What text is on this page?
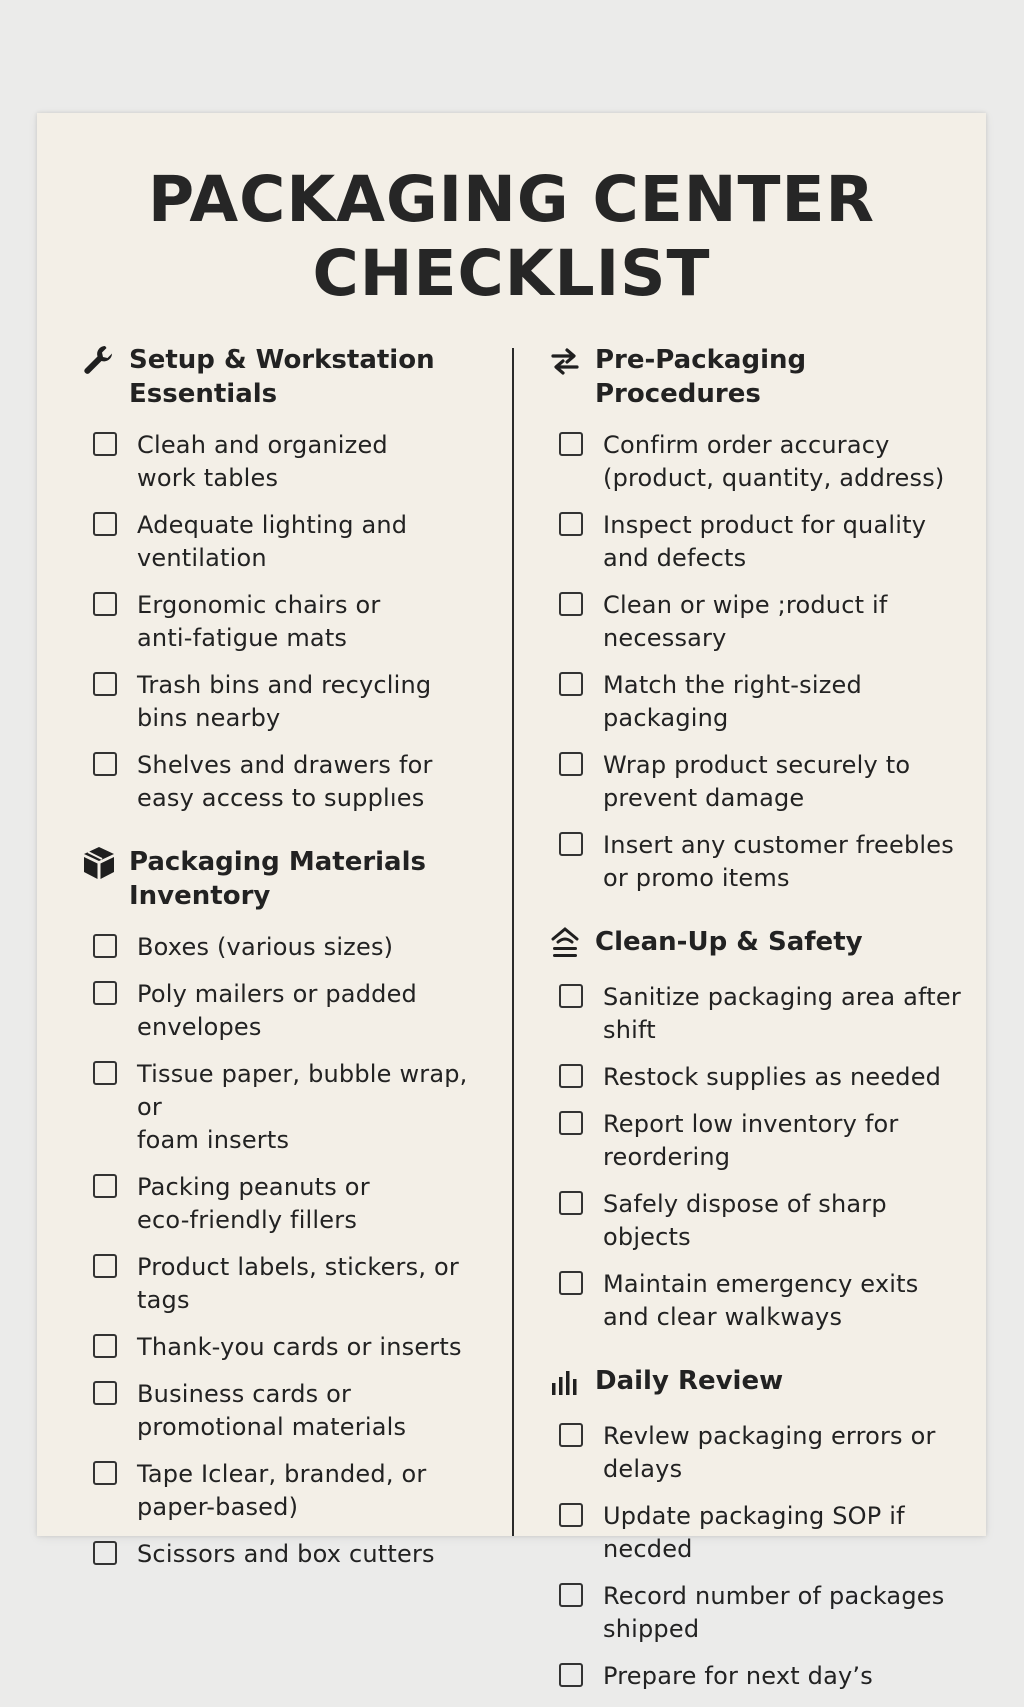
PACKAGING CENTER
CHECKLIST
Setup & Workstation
Essentials
Cleah and organized
work tables
Adequate lighting and
ventilation
Ergonomic chairs or
anti-fatigue mats
Trash bins and recycling
bins nearby
Shelves and drawers for
easy access to supplıes
Packaging Materials
Inventory
Boxes (various sizes)
Poly mailers or padded
envelopes
Tissue paper, bubble wrap, or
foam inserts
Packing peanuts or
eco-friendly fillers
Product labels, stickers, or
tags
Thank-you cards or inserts
Business cards or
promotional materials
Tape Iclear, branded, or
paper-based)
Scissors and box cutters
Pre-Packaging Procedures
Confirm order accuracy
(product, quantity, address)
Inspect product for quality
and defects
Clean or wipe ;roduct if
necessary
Match the right-sized packaging
Wrap product securely to
prevent damage
Insert any customer freebles
or promo items
Clean-Up & Safety
Sanitize packaging area after
shift
Restock supplies as needed
Report low inventory for
reordering
Safely dispose of sharp objects
Maintain emergency exits
and clear walkways
Daily Review
Revlew packaging errors or
delays
Update packaging SOP if
necded
Record number of packages
shipped
Prepare for next day’s
